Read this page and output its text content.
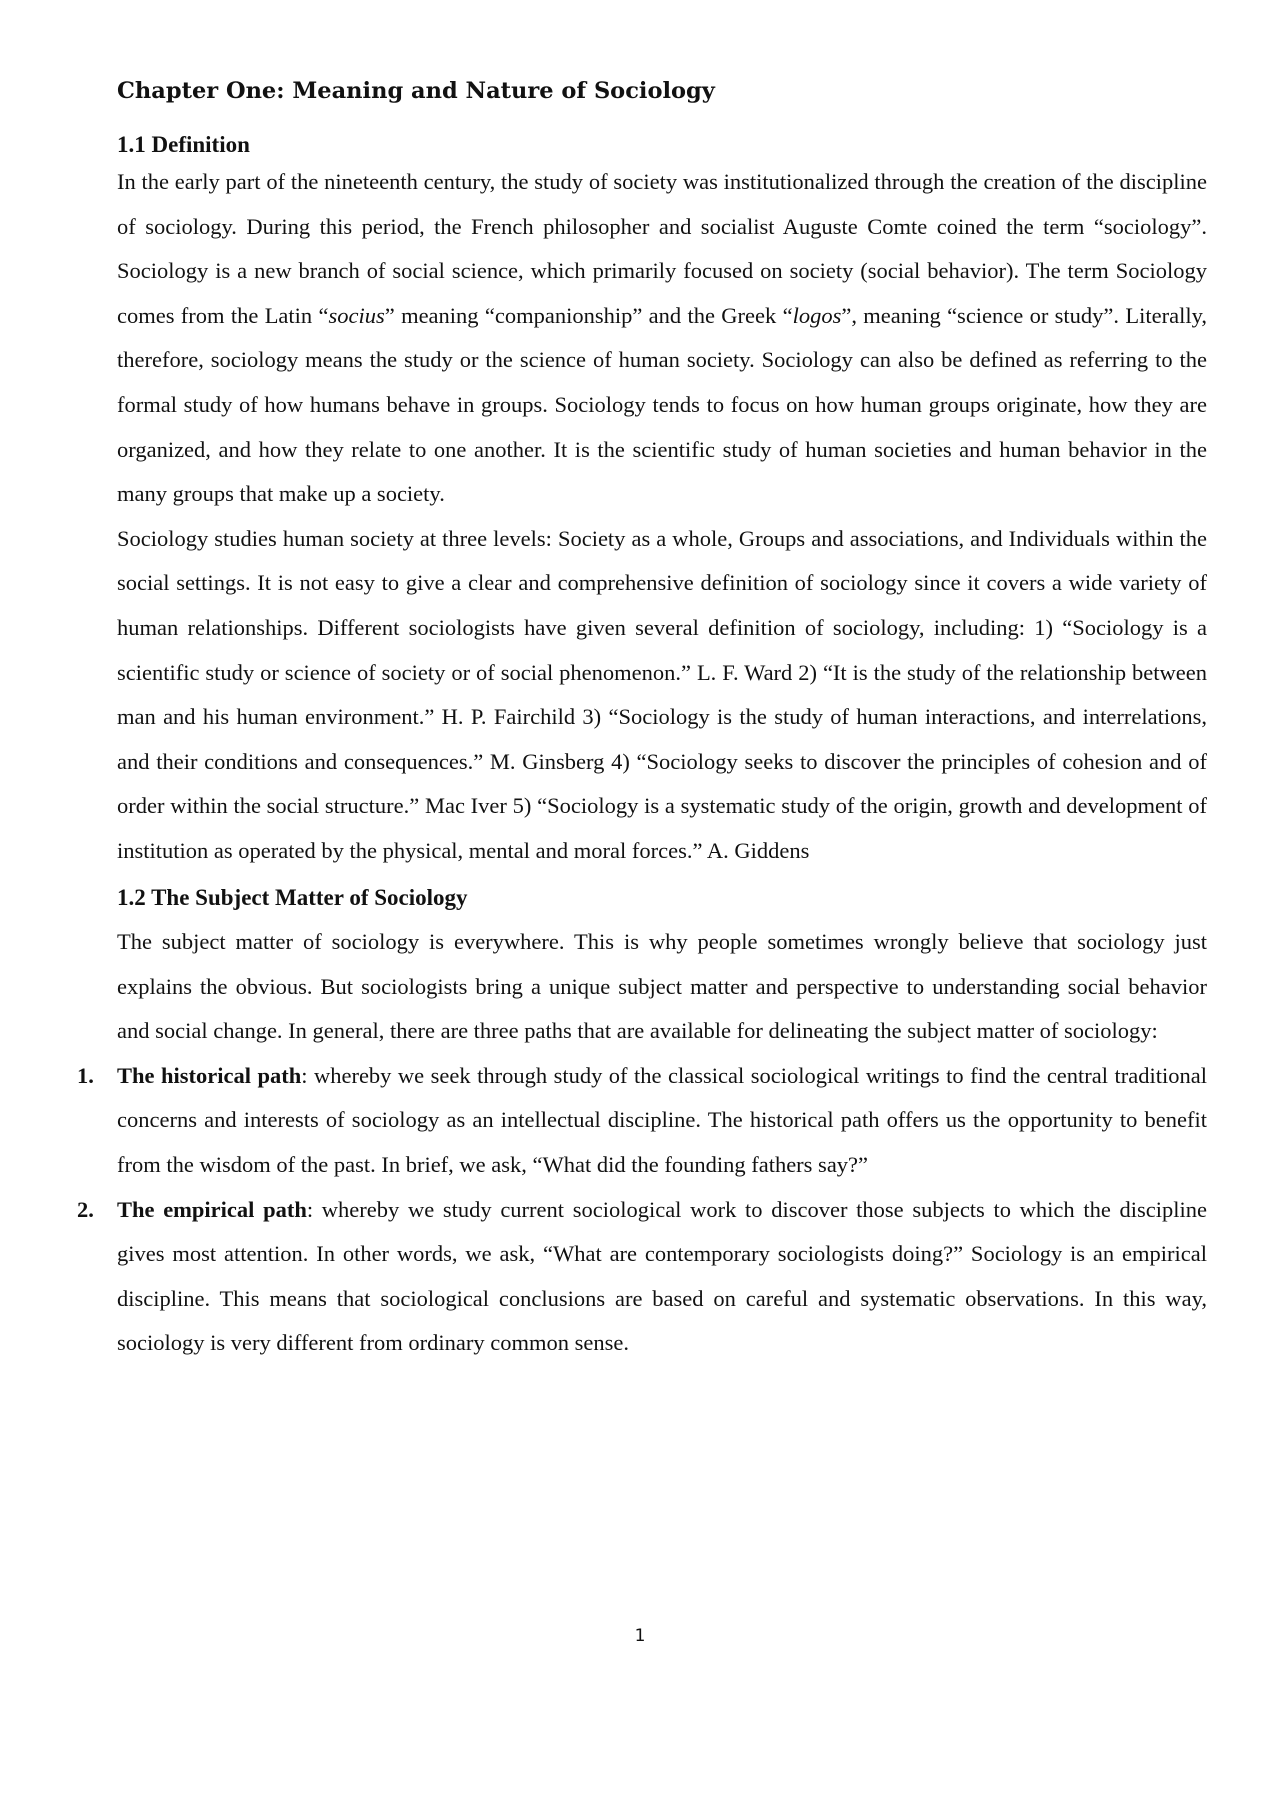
Chapter One: Meaning and Nature of Sociology
1.1 Definition

In the early part of the nineteenth century, the study of society was institutionalized through the creation of the discipline of sociology. During this period, the French philosopher and socialist Auguste Comte coined the term “sociology”. Sociology is a new branch of social science, which primarily focused on society (social behavior). The term Sociology comes from the Latin “socius” meaning “companionship” and the Greek “logos”, meaning “science or study”. Literally, therefore, sociology means the study or the science of human society. Sociology can also be defined as referring to the formal study of how humans behave in groups. Sociology tends to focus on how human groups originate, how they are organized, and how they relate to one another. It is the scientific study of human societies and human behavior in the many groups that make up a society.

Sociology studies human society at three levels: Society as a whole, Groups and associations, and Individuals within the social settings. It is not easy to give a clear and comprehensive definition of sociology since it covers a wide variety of human relationships. Different sociologists have given several definition of sociology, including: 1) “Sociology is a scientific study or science of society or of social phenomenon.” L. F. Ward 2) “It is the study of the relationship between man and his human environment.” H. P. Fairchild 3) “Sociology is the study of human interactions, and interrelations, and their conditions and consequences.” M. Ginsberg 4) “Sociology seeks to discover the principles of cohesion and of order within the social structure.” Mac Iver 5) “Sociology is a systematic study of the origin, growth and development of institution as operated by the physical, mental and moral forces.” A. Giddens

1.2 The Subject Matter of Sociology

The subject matter of sociology is everywhere. This is why people sometimes wrongly believe that sociology just explains the obvious. But sociologists bring a unique subject matter and perspective to understanding social behavior and social change. In general, there are three paths that are available for delineating the subject matter of sociology:

1. The historical path: whereby we seek through study of the classical sociological writings to find the central traditional concerns and interests of sociology as an intellectual discipline. The historical path offers us the opportunity to benefit from the wisdom of the past. In brief, we ask, “What did the founding fathers say?”
2. The empirical path: whereby we study current sociological work to discover those subjects to which the discipline gives most attention. In other words, we ask, “What are contemporary sociologists doing?” Sociology is an empirical discipline. This means that sociological conclusions are based on careful and systematic observations. In this way, sociology is very different from ordinary common sense.
1
